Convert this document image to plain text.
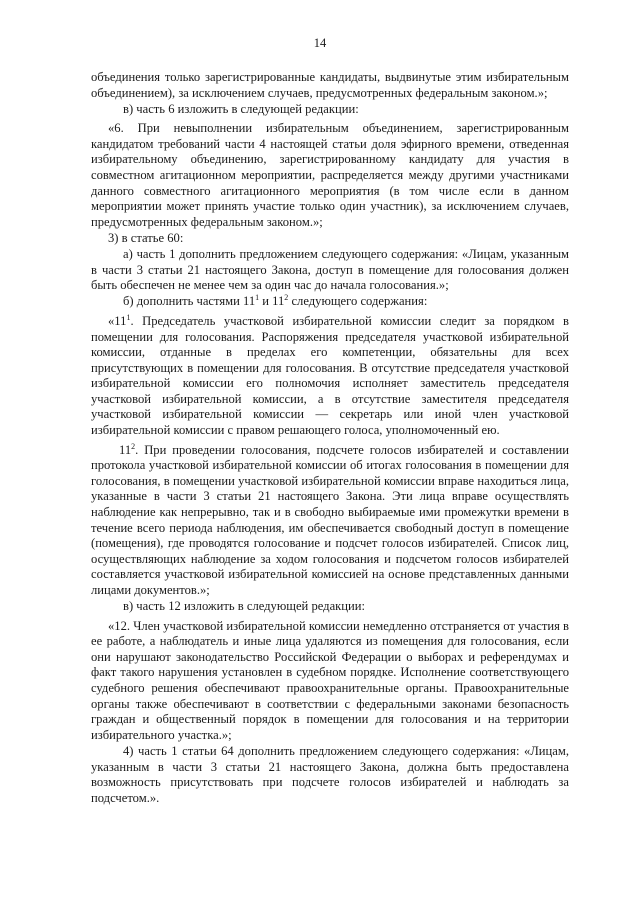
14

объединения только зарегистрированные кандидаты, выдвинутые этим избирательным объединением), за исключением случаев, предусмотренных федеральным законом.»;

в) часть 6 изложить в следующей редакции:

«6. При невыполнении избирательным объединением, зарегистрированным кандидатом требований части 4 настоящей статьи доля эфирного времени, отведенная избирательному объединению, зарегистрированному кандидату для участия в совместном агитационном мероприятии, распределяется между другими участниками данного совместного агитационного мероприятия (в том числе если в данном мероприятии может принять участие только один участник), за исключением случаев, предусмотренных федеральным законом.»;

3) в статье 60:

а) часть 1 дополнить предложением следующего содержания: «Лицам, указанным в части 3 статьи 21 настоящего Закона, доступ в помещение для голосования должен быть обеспечен не менее чем за один час до начала голосования.»;

б) дополнить частями $11^1$ и $11^2$ следующего содержания:

«$11^1$. Председатель участковой избирательной комиссии следит за порядком в помещении для голосования. Распоряжения председателя участковой избирательной комиссии, отданные в пределах его компетенции, обязательны для всех присутствующих в помещении для голосования. В отсутствие председателя участковой избирательной комиссии его полномочия исполняет заместитель председателя участковой избирательной комиссии, а в отсутствие заместителя председателя участковой избирательной комиссии — секретарь или иной член участковой избирательной комиссии с правом решающего голоса, уполномоченный ею.

$11^2$. При проведении голосования, подсчете голосов избирателей и составлении протокола участковой избирательной комиссии об итогах голосования в помещении для голосования, в помещении участковой избирательной комиссии вправе находиться лица, указанные в части 3 статьи 21 настоящего Закона. Эти лица вправе осуществлять наблюдение как непрерывно, так и в свободно выбираемые ими промежутки времени в течение всего периода наблюдения, им обеспечивается свободный доступ в помещение (помещения), где проводятся голосование и подсчет голосов избирателей. Список лиц, осуществляющих наблюдение за ходом голосования и подсчетом голосов избирателей составляется участковой избирательной комиссией на основе представленных данными лицами документов.»;

в) часть 12 изложить в следующей редакции:

«12. Член участковой избирательной комиссии немедленно отстраняется от участия в ее работе, а наблюдатель и иные лица удаляются из помещения для голосования, если они нарушают законодательство Российской Федерации о выборах и референдумах и факт такого нарушения установлен в судебном порядке. Исполнение соответствующего судебного решения обеспечивают правоохранительные органы. Правоохранительные органы также обеспечивают в соответствии с федеральными законами безопасность граждан и общественный порядок в помещении для голосования и на территории избирательного участка.»;

4) часть 1 статьи 64 дополнить предложением следующего содержания: «Лицам, указанным в части 3 статьи 21 настоящего Закона, должна быть предоставлена возможность присутствовать при подсчете голосов избирателей и наблюдать за подсчетом.».
